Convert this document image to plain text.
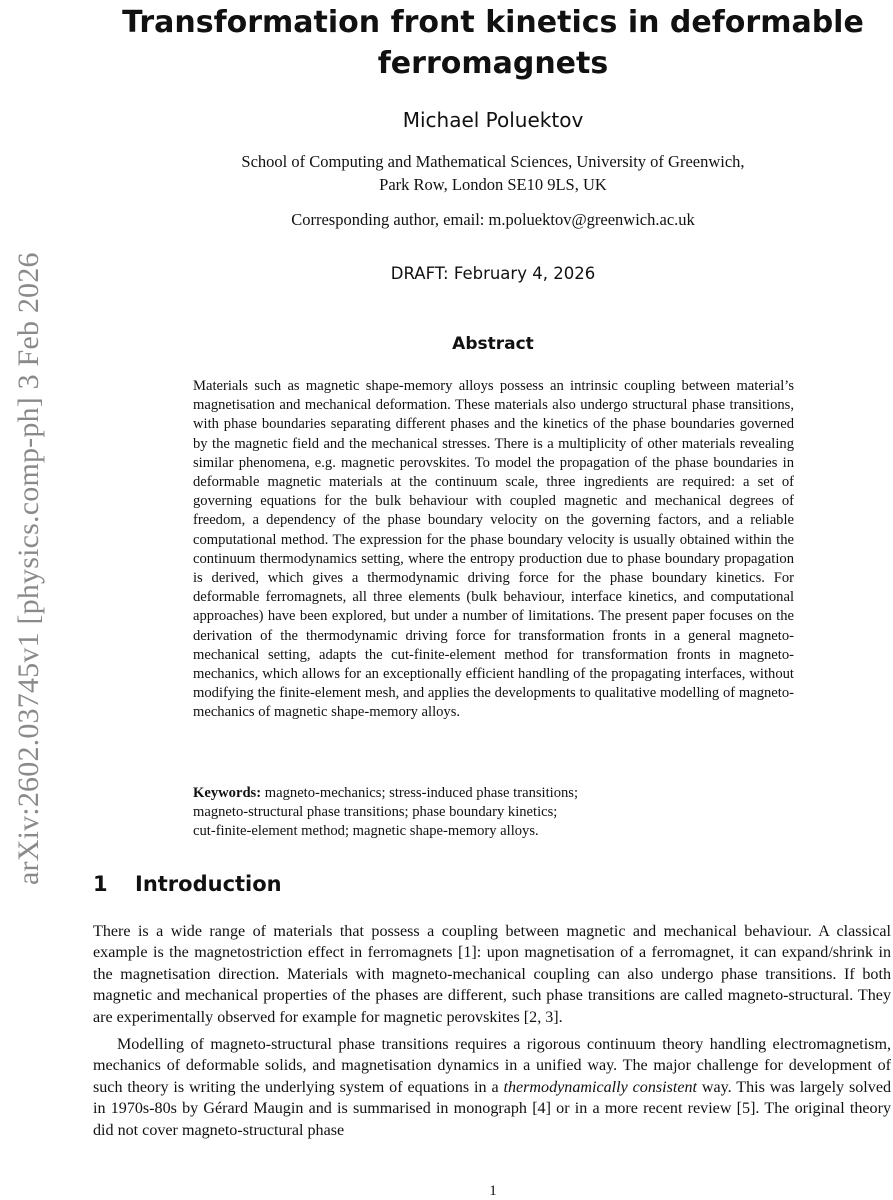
arXiv:2602.03745v1 [physics.comp-ph] 3 Feb 2026
Transformation front kinetics in deformable
ferromagnets
Michael Poluektov
School of Computing and Mathematical Sciences, University of Greenwich,
Park Row, London SE10 9LS, UK
Corresponding author, email: m.poluektov@greenwich.ac.uk
DRAFT: February 4, 2026
Abstract

Materials such as magnetic shape-memory alloys possess an intrinsic coupling between material’s magnetisation and mechanical deformation. These materials also undergo structural phase transitions, with phase boundaries separating different phases and the kinetics of the phase boundaries governed by the magnetic field and the mechanical stresses. There is a multiplicity of other materials revealing similar phenomena, e.g. magnetic perovskites. To model the propagation of the phase boundaries in deformable magnetic materials at the continuum scale, three ingredients are required: a set of governing equations for the bulk behaviour with coupled magnetic and mechanical degrees of freedom, a dependency of the phase boundary velocity on the governing factors, and a reliable computational method. The expression for the phase boundary velocity is usually obtained within the continuum thermodynamics setting, where the entropy production due to phase boundary propagation is derived, which gives a thermodynamic driving force for the phase boundary kinetics. For deformable ferromagnets, all three elements (bulk behaviour, interface kinetics, and computational approaches) have been explored, but under a number of limitations. The present paper focuses on the derivation of the thermodynamic driving force for transformation fronts in a general magneto-mechanical setting, adapts the cut-finite-element method for transformation fronts in magneto-mechanics, which allows for an exceptionally efficient handling of the propagating interfaces, without modifying the finite-element mesh, and applies the developments to qualitative modelling of magneto-mechanics of magnetic shape-memory alloys.

Keywords: magneto-mechanics; stress-induced phase transitions;
magneto-structural phase transitions; phase boundary kinetics;
cut-finite-element method; magnetic shape-memory alloys.

1 Introduction

There is a wide range of materials that possess a coupling between magnetic and mechanical behaviour. A classical example is the magnetostriction effect in ferromagnets [1]: upon magnetisation of a ferromagnet, it can expand/shrink in the magnetisation direction. Materials with magneto-mechanical coupling can also undergo phase transitions. If both magnetic and mechanical properties of the phases are different, such phase transitions are called magneto-structural. They are experimentally observed for example for magnetic perovskites [2, 3].

Modelling of magneto-structural phase transitions requires a rigorous continuum theory handling electromagnetism, mechanics of deformable solids, and magnetisation dynamics in a unified way. The major challenge for development of such theory is writing the underlying system of equations in a thermodynamically consistent way. This was largely solved in 1970s-80s by Gérard Maugin and is summarised in monograph [4] or in a more recent review [5]. The original theory did not cover magneto-structural phase

1
